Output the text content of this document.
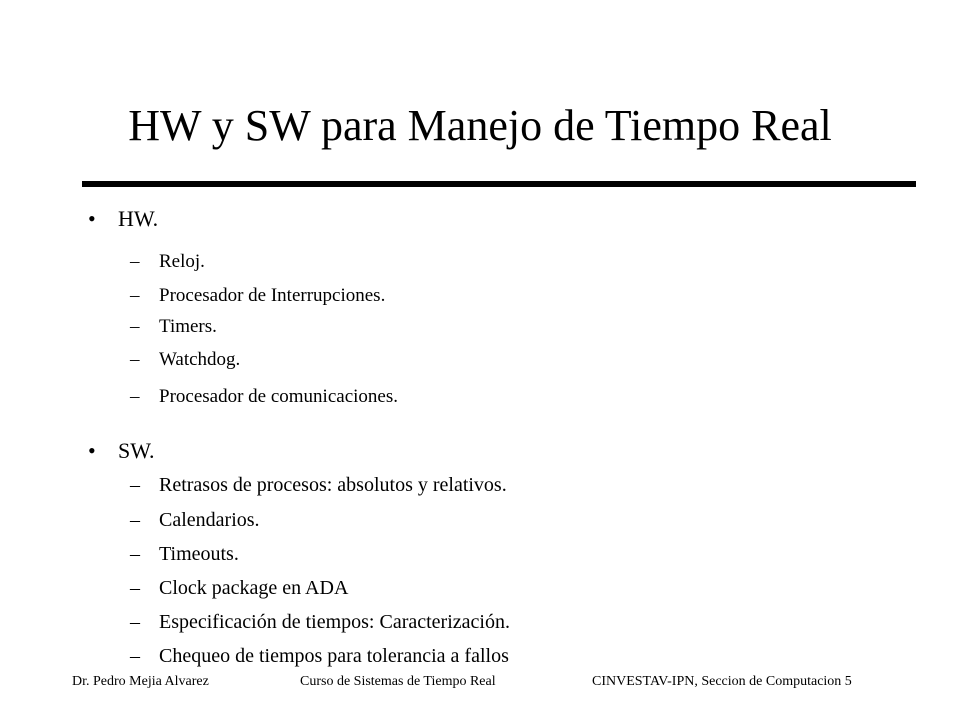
HW y SW para Manejo de Tiempo Real
• HW.
– Reloj.
– Procesador de Interrupciones.
– Timers.
– Watchdog.
– Procesador de comunicaciones.
• SW.
– Retrasos de procesos: absolutos y relativos.
– Calendarios.
– Timeouts.
– Clock package en ADA
– Especificación de tiempos: Caracterización.
– Chequeo de tiempos para tolerancia a fallos
Dr. Pedro Mejia Alvarez	Curso de Sistemas de Tiempo Real	CINVESTAV-IPN, Seccion de Computacion 5
